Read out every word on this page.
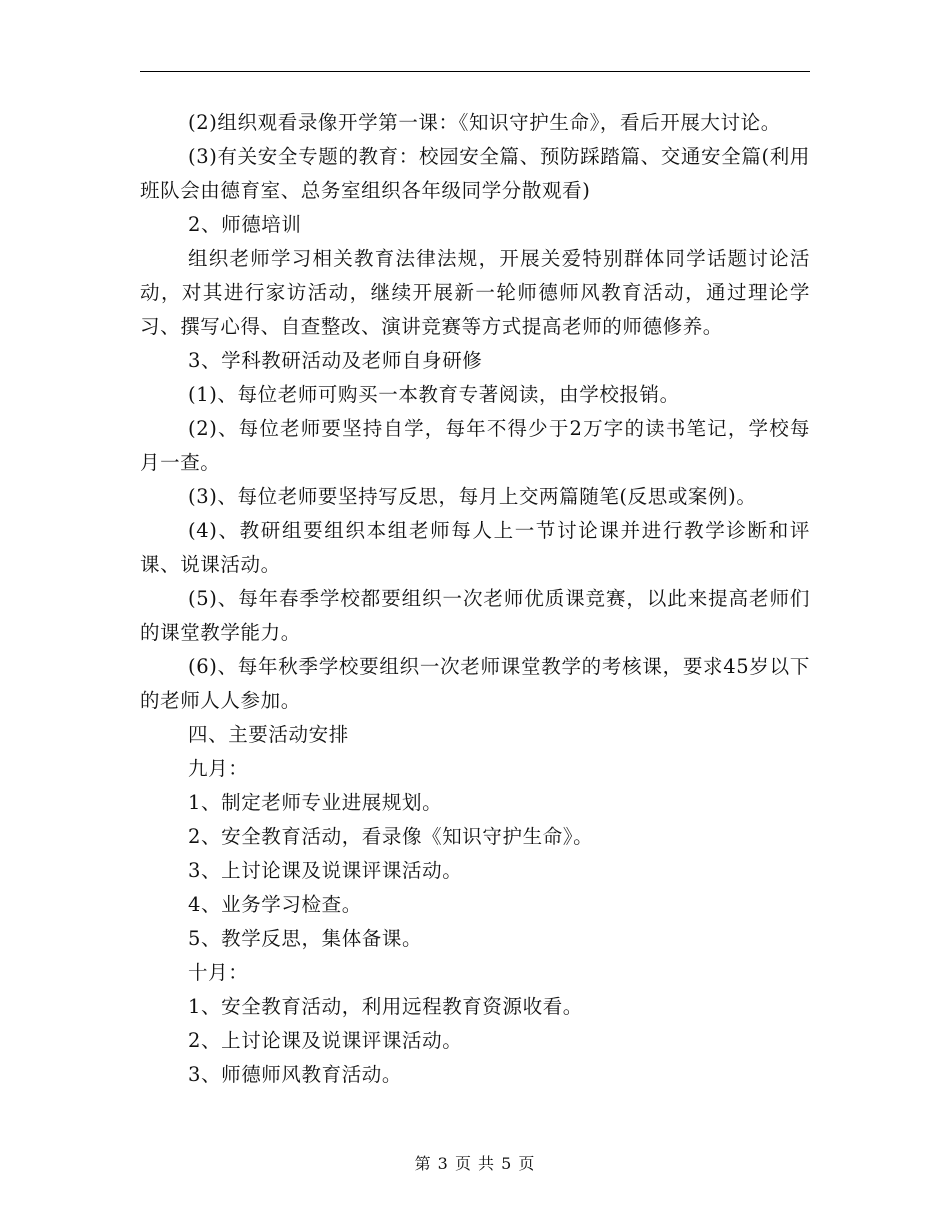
(2)组织观看录像开学第一课：《知识守护生命》，看后开展大讨论。

(3)有关安全专题的教育：校园安全篇、预防踩踏篇、交通安全篇(利用班队会由德育室、总务室组织各年级同学分散观看)

2、师德培训

组织老师学习相关教育法律法规，开展关爱特别群体同学话题讨论活动，对其进行家访活动，继续开展新一轮师德师风教育活动，通过理论学习、撰写心得、自查整改、演讲竞赛等方式提高老师的师德修养。

3、学科教研活动及老师自身研修

(1)、每位老师可购买一本教育专著阅读，由学校报销。

(2)、每位老师要坚持自学，每年不得少于2万字的读书笔记，学校每月一查。

(3)、每位老师要坚持写反思，每月上交两篇随笔(反思或案例)。

(4)、教研组要组织本组老师每人上一节讨论课并进行教学诊断和评课、说课活动。

(5)、每年春季学校都要组织一次老师优质课竞赛，以此来提高老师们的课堂教学能力。

(6)、每年秋季学校要组织一次老师课堂教学的考核课，要求45岁以下的老师人人参加。

四、主要活动安排

九月：

1、制定老师专业进展规划。

2、安全教育活动，看录像《知识守护生命》。

3、上讨论课及说课评课活动。

4、业务学习检查。

5、教学反思，集体备课。

十月：

1、安全教育活动，利用远程教育资源收看。

2、上讨论课及说课评课活动。

3、师德师风教育活动。

第 3 页 共 5 页
